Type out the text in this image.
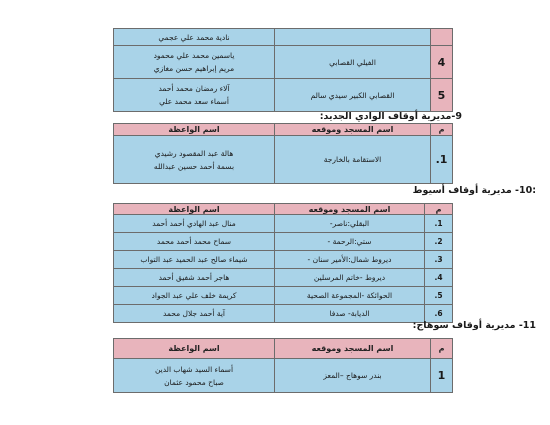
		نادية محمد علي عجمي

4	الفيلي القصابي	ياسمين محمد علي محمود
مريم إبراهيم حسن مغازي

5	القصابي الكبير سيدي سالم	آلاء رمضان محمد أحمد
أسماء سعد محمد علي
9-مديرية أوقاف الوادي الجديد:
م	اسم المسجد وموقعه	اسم الواعظة
1.	الاستقامة بالخارجة	هالة عبد المقصود رشيدي
بسمة أحمد حسين عبدالله
:10- مديرية أوقاف أسيوط
م	اسم المسجد وموقعه	اسم الواعظة
1.	البقلي:ناصر-	منال عبد الهادي أحمد أحمد
2.	ستي:الرحمة -	سماح محمد أحمد محمد
3.	ديروط شمال:الأمير سنان -	شيماء صالح عبد الحميد عبد التواب
4.	ديروط -خاتم المرسلين	هاجر أحمد شفيق أحمد
5.	الحوائكة -المجموعة الصحية	كريمة خلف علي عبد الجواد
6.	الديابة- صدفا	آية أحمد جلال محمد
11- مديرية أوقاف سوهاج:
م	اسم المسجد وموقعه	اسم الواعظة
1	بندر سوهاج –المعز	أسماء السيد شهاب الدين
صباح محمود عثمان
